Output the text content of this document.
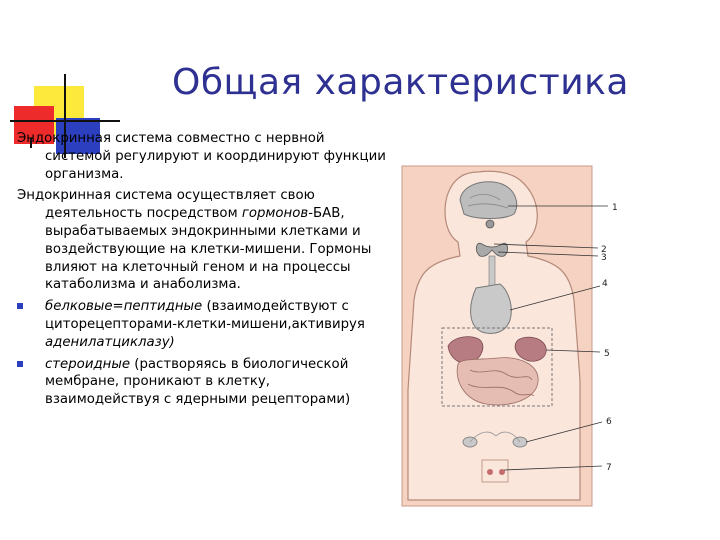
Общая характеристика

Эндокринная система совместно с нервной системой регулируют и координируют функции организма.

Эндокринная система осуществляет свою деятельность посредством гормонов-БАВ, вырабатываемых эндокринными клетками и воздействующие на клетки-мишени. Гормоны влияют на клеточный геном и на процессы катаболизма и анаболизма.

белковые=пептидные (взаимодействуют с циторецепторами-клетки-мишени,активируя аденилатциклазу)

стероидные (растворяясь в биологической мембране, проникают в клетку, взаимодействуя с ядерными рецепторами)

1
2
3
4
5
6
7
